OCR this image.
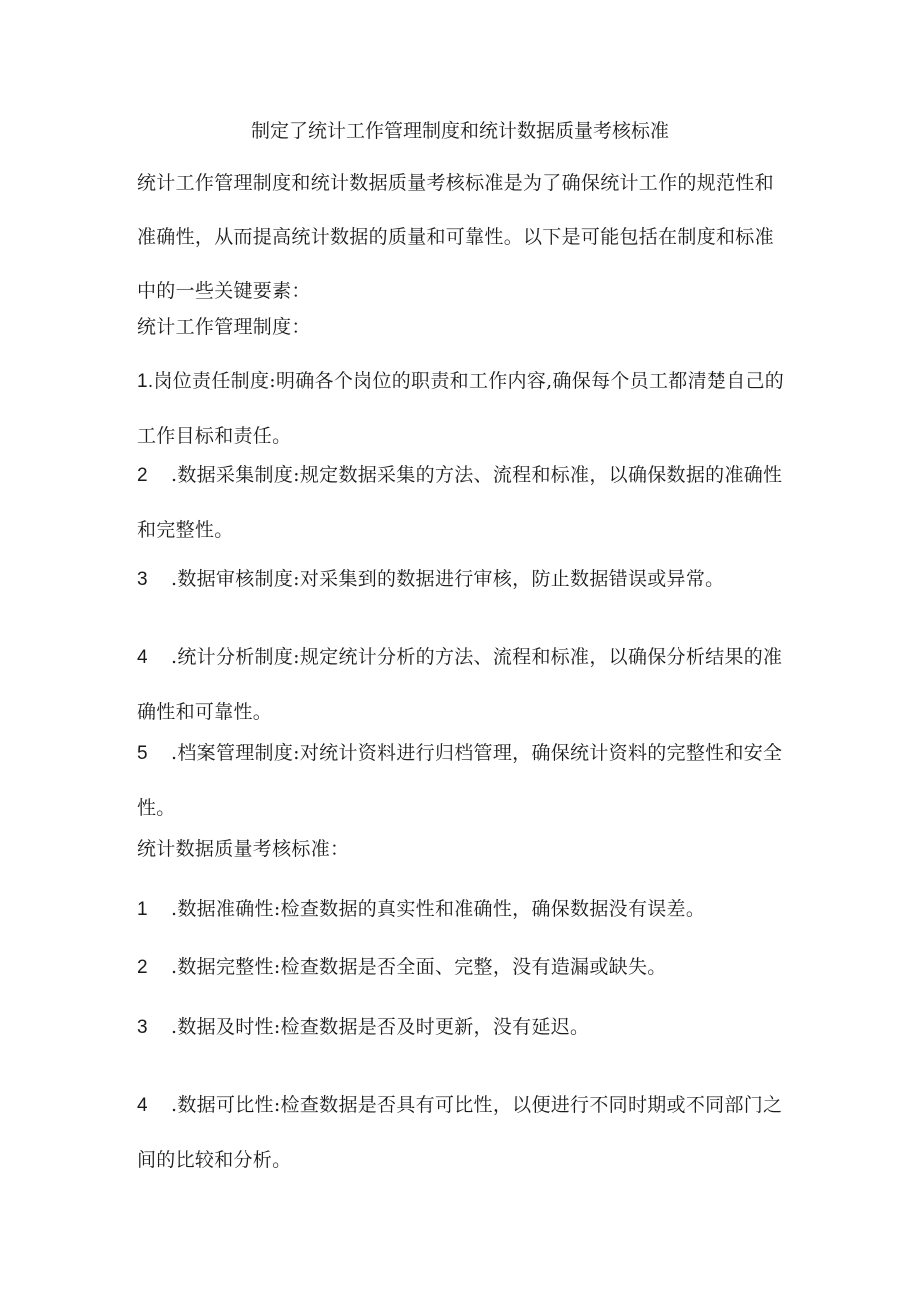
制定了统计工作管理制度和统计数据质量考核标准

统计工作管理制度和统计数据质量考核标准是为了确保统计工作的规范性和准确性，从而提高统计数据的质量和可靠性。以下是可能包括在制度和标准中的一些关键要素：

统计工作管理制度：

1.岗位责任制度:明确各个岗位的职责和工作内容,确保每个员工都清楚自己的工作目标和责任。

2 .数据采集制度:规定数据采集的方法、流程和标准，以确保数据的准确性和完整性。

3 .数据审核制度:对采集到的数据进行审核，防止数据错误或异常。

4 .统计分析制度:规定统计分析的方法、流程和标准，以确保分析结果的准确性和可靠性。

5 .档案管理制度:对统计资料进行归档管理，确保统计资料的完整性和安全性。

统计数据质量考核标准：

1 .数据准确性:检查数据的真实性和准确性，确保数据没有误差。

2 .数据完整性:检查数据是否全面、完整，没有造漏或缺失。

3 .数据及时性:检查数据是否及时更新，没有延迟。

4 .数据可比性:检查数据是否具有可比性，以便进行不同时期或不同部门之间的比较和分析。
